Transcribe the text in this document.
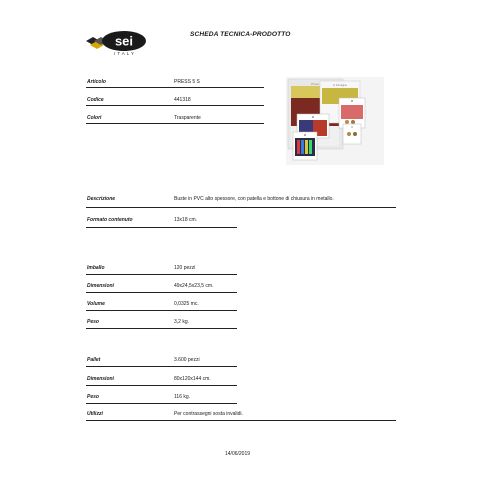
sei
ITALY
SCHEDA TECNICA-PRODOTTO
Press	In Immagine
Articolo	PRESS 5 S
Codice	441318
Colori	Trasparente
Descrizione	Buste in PVC alto spessore, con patella e bottone di chiusura in metallo.
Formato contenuto	13x18 cm.
Imballo	120 pezzi
Dimensioni	49x24,5x23,5 cm.
Volume	0,0325 mc.
Peso	3,2 kg.
Pallet	3.600 pezzi
Dimensioni	80x120x144 cm.
Peso	116 kg.
Utilizzi	Per contrassegni sosta invalidi.
14/06/2019
